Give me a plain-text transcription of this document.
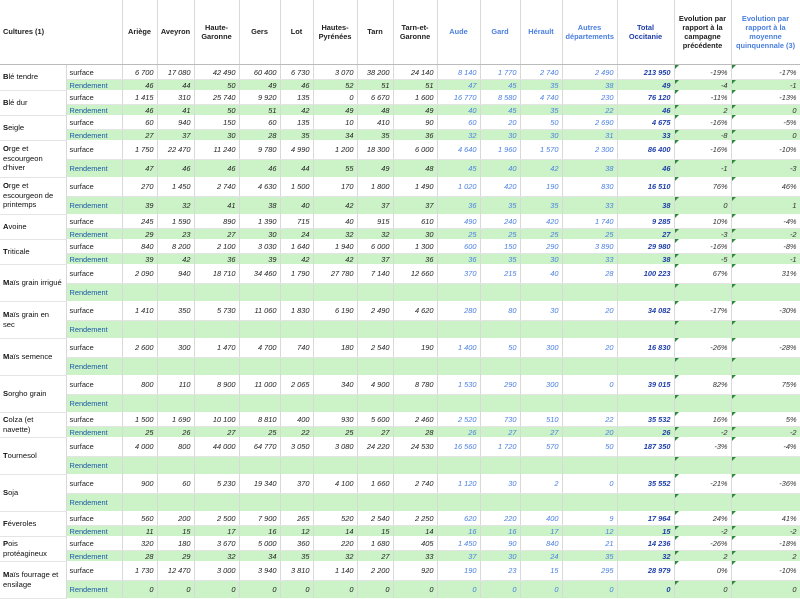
Cultures (1)		Ariège	Aveyron	Haute-Garonne	Gers	Lot	Hautes-Pyrénées	Tarn	Tarn-et-Garonne	Aude	Gard	Hérault	Autres départements	Total Occitanie	Evolution par rapport à la campagne précédente	Evolution par rapport à la moyenne quinquennale (3)
Blé tendre	surface	6 700	17 080	42 490	60 400	6 730	3 070	38 200	24 140	8 140	1 770	2 740	2 490	213 950	-19%	-17%
	Rendement	46	44	50	49	46	52	51	51	47	45	35	38	49	-4	-1
Blé dur	surface	1 415	310	25 740	9 920	135	0	6 670	1 600	16 770	8 580	4 740	230	76 120	-11%	-13%
	Rendement	46	41	50	51	42	49	48	49	40	45	35	22	46	2	0
Seigle	surface	60	940	150	60	135	10	410	90	60	20	50	2 690	4 675	-16%	-5%
	Rendement	27	37	30	28	35	34	35	36	32	30	30	31	33	-8	0
Orge et escourgeon d'hiver	surface	1 750	22 470	11 240	9 780	4 990	1 200	18 300	6 000	4 640	1 960	1 570	2 300	86 400	-16%	-10%
	Rendement	47	46	46	46	44	55	49	48	45	40	42	38	46	-1	-3
Orge et escourgeon de printemps	surface	270	1 450	2 740	4 630	1 500	170	1 800	1 490	1 020	420	190	830	16 510	76%	46%
	Rendement	39	32	41	38	40	42	37	37	36	35	35	33	38	0	1
Avoine	surface	245	1 590	890	1 390	715	40	915	610	490	240	420	1 740	9 285	10%	-4%
	Rendement	29	23	27	30	24	32	32	30	25	25	25	25	27	-3	-2
Triticale	surface	840	8 200	2 100	3 030	1 640	1 940	6 000	1 300	600	150	290	3 890	29 980	-16%	-8%
	Rendement	39	42	36	39	42	42	37	36	36	35	30	33	38	-5	-1
Maïs grain irrigué	surface	2 090	940	18 710	34 460	1 790	27 780	7 140	12 660	370	215	40	28	100 223	67%	31%
	Rendement															
Maïs grain en sec	surface	1 410	350	5 730	11 060	1 830	6 190	2 490	4 620	280	80	30	20	34 082	-17%	-30%
	Rendement															
Maïs semence	surface	2 600	300	1 470	4 700	740	180	2 540	190	1 400	50	300	20	16 830	-26%	-28%
	Rendement															
Sorgho grain	surface	800	110	8 900	11 000	2 065	340	4 900	8 780	1 530	290	300	0	39 015	82%	75%
	Rendement															
Colza (et navette)	surface	1 500	1 690	10 100	8 810	400	930	5 600	2 460	2 520	730	510	22	35 532	16%	5%
	Rendement	25	26	27	25	22	25	27	28	26	27	27	20	26	-2	-2
Tournesol	surface	4 000	800	44 000	64 770	3 050	3 080	24 220	24 530	16 560	1 720	570	50	187 350	-3%	-4%
	Rendement															
Soja	surface	900	60	5 230	19 340	370	4 100	1 660	2 740	1 120	30	2	0	35 552	-21%	-36%
	Rendement															
Féveroles	surface	560	200	2 500	7 900	265	520	2 540	2 250	620	220	400	9	17 964	24%	41%
	Rendement	11	15	17	16	12	14	15	14	16	16	17	12	15	-2	-2
Pois protéagineux	surface	320	180	3 670	5 000	360	220	1 680	405	1 450	90	840	21	14 236	-26%	-18%
	Rendement	28	29	32	34	35	32	27	33	37	30	24	35	32	2	2
Maïs fourrage et ensilage	surface	1 730	12 470	3 000	3 940	3 810	1 140	2 200	920	190	23	15	295	28 979	0%	-10%
	Rendement	0	0	0	0	0	0	0	0	0	0	0	0	0	0	0
